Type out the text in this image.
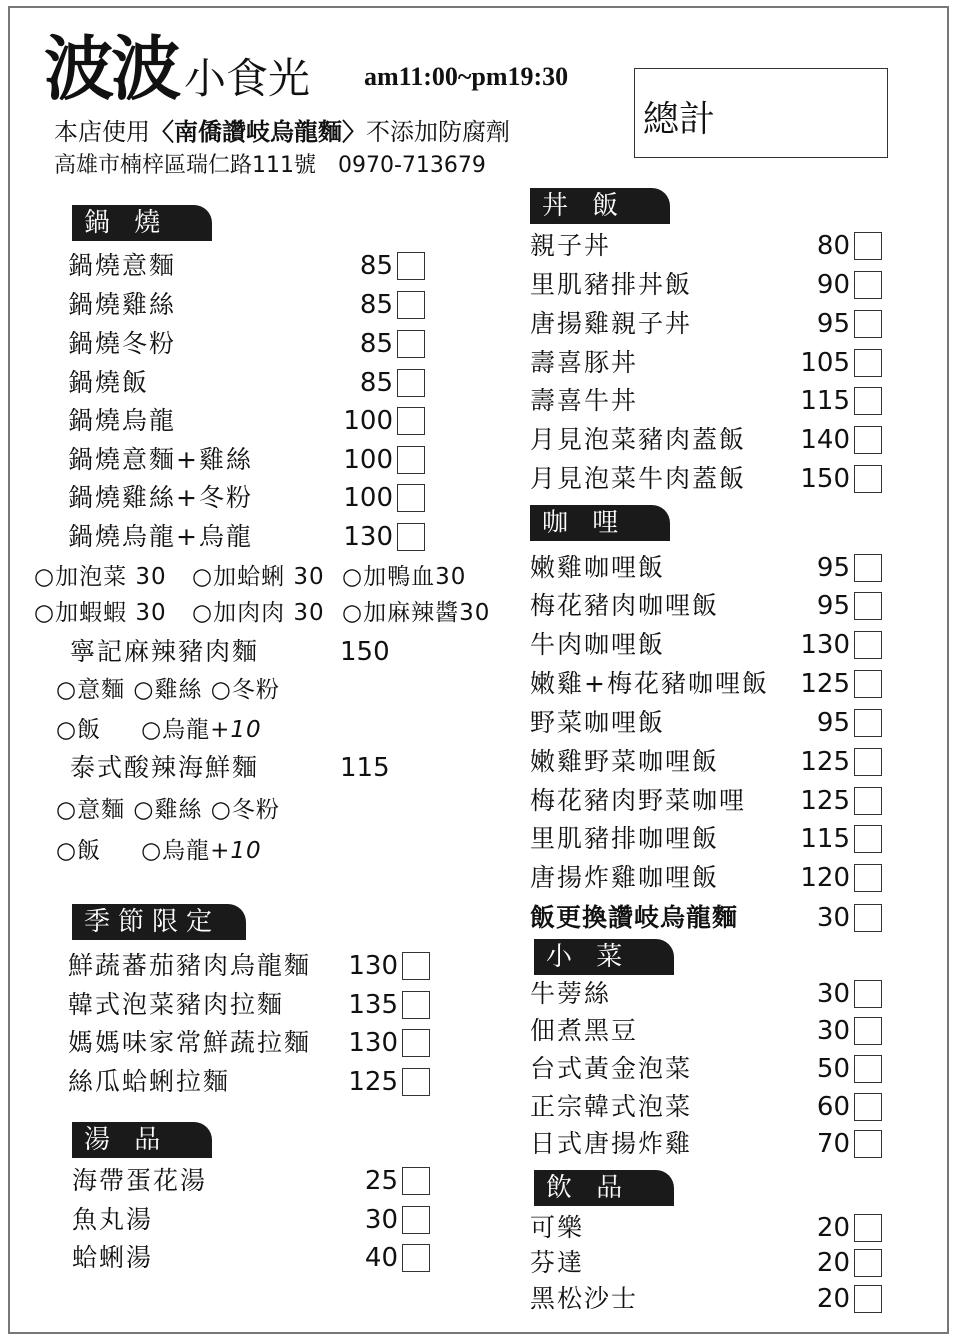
波波 小食光 am11:00~pm19:30
本店使用〈南僑讚岐烏龍麵〉不添加防腐劑
高雄市楠梓區瑞仁路111號　0970-713679
總計
鍋 燒
鍋燒意麵	85
鍋燒雞絲	85
鍋燒冬粉	85
鍋燒飯	85
鍋燒烏龍	100
鍋燒意麵+雞絲	100
鍋燒雞絲+冬粉	100
鍋燒烏龍+烏龍	130
○加泡菜 30 ○加蛤蜊 30 ○加鴨血30
○加蝦蝦 30 ○加肉肉 30 ○加麻辣醬30
寧記麻辣豬肉麵	150
○意麵 ○雞絲 ○冬粉
○飯 ○烏龍+10
泰式酸辣海鮮麵	115
○意麵 ○雞絲 ○冬粉
○飯 ○烏龍+10
季節限定
鮮蔬蕃茄豬肉烏龍麵 130
韓式泡菜豬肉拉麵 135
媽媽味家常鮮蔬拉麵 130
絲瓜蛤蜊拉麵	125
湯 品
海帶蛋花湯	25
魚丸湯	30
蛤蜊湯	40
丼 飯
親子丼	80
里肌豬排丼飯	90
唐揚雞親子丼	95
壽喜豚丼	105
壽喜牛丼	115
月見泡菜豬肉蓋飯 140
月見泡菜牛肉蓋飯 150
咖 哩
嫩雞咖哩飯	95
梅花豬肉咖哩飯	95
牛肉咖哩飯	130
嫩雞+梅花豬咖哩飯 125
野菜咖哩飯	95
嫩雞野菜咖哩飯	125
梅花豬肉野菜咖哩 125
里肌豬排咖哩飯	115
唐揚炸雞咖哩飯	120
飯更換讚岐烏龍麵	30
小 菜
牛蒡絲	30
佃煮黑豆	30
台式黃金泡菜	50
正宗韓式泡菜	60
日式唐揚炸雞	70
飲 品
可樂	20
芬達	20
黑松沙士	20
